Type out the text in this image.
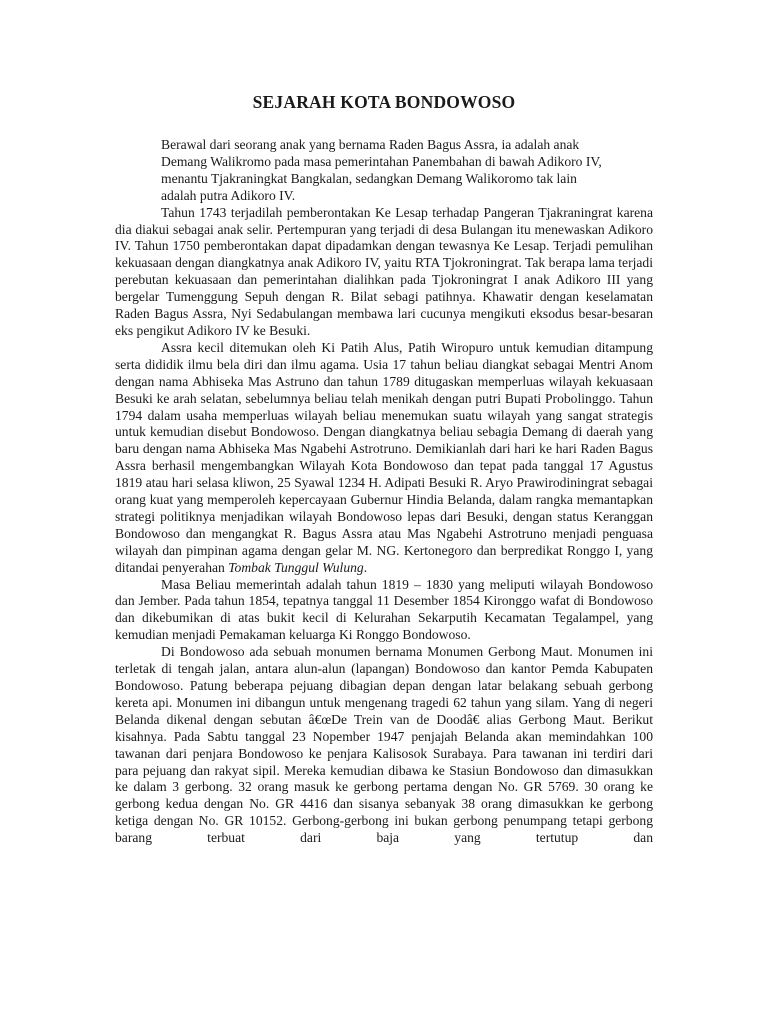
SEJARAH KOTA BONDOWOSO

Berawal dari seorang anak yang bernama Raden Bagus Assra, ia adalah anak
Demang Walikromo pada masa pemerintahan Panembahan di bawah Adikoro IV,
menantu Tjakraningkat Bangkalan, sedangkan Demang Walikoromo tak lain
adalah putra Adikoro IV.

Tahun 1743 terjadilah pemberontakan Ke Lesap terhadap Pangeran Tjakraningrat karena dia diakui sebagai anak selir. Pertempuran yang terjadi di desa Bulangan itu menewaskan Adikoro IV. Tahun 1750 pemberontakan dapat dipadamkan dengan tewasnya Ke Lesap. Terjadi pemulihan kekuasaan dengan diangkatnya anak Adikoro IV, yaitu RTA Tjokroningrat. Tak berapa lama terjadi perebutan kekuasaan dan pemerintahan dialihkan pada Tjokroningrat I anak Adikoro III yang bergelar Tumenggung Sepuh dengan R. Bilat sebagi patihnya. Khawatir dengan keselamatan Raden Bagus Assra, Nyi Sedabulangan membawa lari cucunya mengikuti eksodus besar-besaran eks pengikut Adikoro IV ke Besuki.

Assra kecil ditemukan oleh Ki Patih Alus, Patih Wiropuro untuk kemudian ditampung serta dididik ilmu bela diri dan ilmu agama. Usia 17 tahun beliau diangkat sebagai Mentri Anom dengan nama Abhiseka Mas Astruno dan tahun 1789 ditugaskan memperluas wilayah kekuasaan Besuki ke arah selatan, sebelumnya beliau telah menikah dengan putri Bupati Probolinggo. Tahun 1794 dalam usaha memperluas wilayah beliau menemukan suatu wilayah yang sangat strategis untuk kemudian disebut Bondowoso. Dengan diangkatnya beliau sebagia Demang di daerah yang baru dengan nama Abhiseka Mas Ngabehi Astrotruno. Demikianlah dari hari ke hari Raden Bagus Assra berhasil mengembangkan Wilayah Kota Bondowoso dan tepat pada tanggal 17 Agustus 1819 atau hari selasa kliwon, 25 Syawal 1234 H. Adipati Besuki R. Aryo Prawirodiningrat sebagai orang kuat yang memperoleh kepercayaan Gubernur Hindia Belanda, dalam rangka memantapkan strategi politiknya menjadikan wilayah Bondowoso lepas dari Besuki, dengan status Keranggan Bondowoso dan mengangkat R. Bagus Assra atau Mas Ngabehi Astrotruno menjadi penguasa wilayah dan pimpinan agama dengan gelar M. NG. Kertonegoro dan berpredikat Ronggo I, yang ditandai penyerahan Tombak Tunggul Wulung.

Masa Beliau memerintah adalah tahun 1819 – 1830 yang meliputi wilayah Bondowoso dan Jember. Pada tahun 1854, tepatnya tanggal 11 Desember 1854 Kironggo wafat di Bondowoso dan dikebumikan di atas bukit kecil di Kelurahan Sekarputih Kecamatan Tegalampel, yang kemudian menjadi Pemakaman keluarga Ki Ronggo Bondowoso.

Di Bondowoso ada sebuah monumen bernama Monumen Gerbong Maut. Monumen ini terletak di tengah jalan, antara alun-alun (lapangan) Bondowoso dan kantor Pemda Kabupaten Bondowoso. Patung beberapa pejuang dibagian depan dengan latar belakang sebuah gerbong kereta api. Monumen ini dibangun untuk mengenang tragedi 62 tahun yang silam. Yang di negeri Belanda dikenal dengan sebutan â€œDe Trein van de Doodâ€ alias Gerbong Maut. Berikut kisahnya. Pada Sabtu tanggal 23 Nopember 1947 penjajah Belanda akan memindahkan 100 tawanan dari penjara Bondowoso ke penjara Kalisosok Surabaya. Para tawanan ini terdiri dari para pejuang dan rakyat sipil. Mereka kemudian dibawa ke Stasiun Bondowoso dan dimasukkan ke dalam 3 gerbong. 32 orang masuk ke gerbong pertama dengan No. GR 5769. 30 orang ke gerbong kedua dengan No. GR 4416 dan sisanya sebanyak 38 orang dimasukkan ke gerbong ketiga dengan No. GR 10152. Gerbong-gerbong ini bukan gerbong penumpang tetapi gerbong barang terbuat dari baja yang tertutup dan
